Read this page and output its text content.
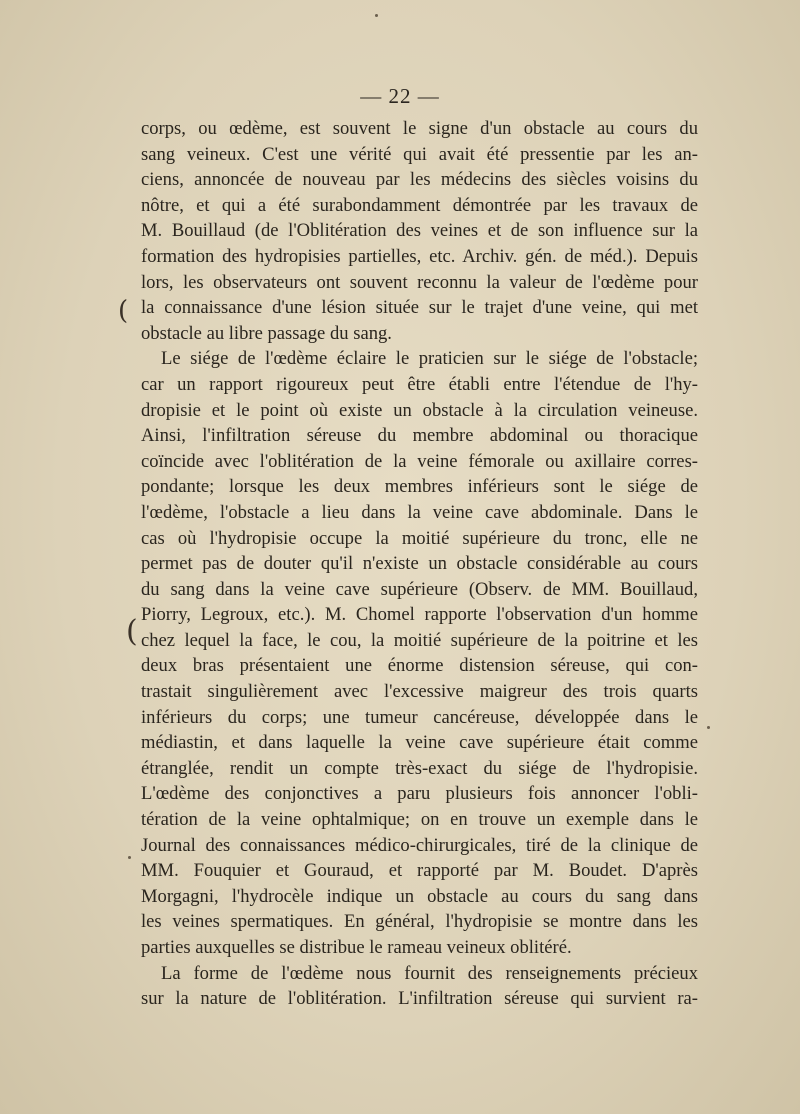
— 22 —

corps, ou œdème, est souvent le signe d'un obstacle au cours du
sang veineux. C'est une vérité qui avait été pressentie par les an-
ciens, annoncée de nouveau par les médecins des siècles voisins du
nôtre, et qui a été surabondamment démontrée par les travaux de
M. Bouillaud (de l'Oblitération des veines et de son influence sur la
formation des hydropisies partielles, etc. Archiv. gén. de méd.). Depuis
lors, les observateurs ont souvent reconnu la valeur de l'œdème pour
la connaissance d'une lésion située sur le trajet d'une veine, qui met
obstacle au libre passage du sang.

Le siége de l'œdème éclaire le praticien sur le siége de l'obstacle;
car un rapport rigoureux peut être établi entre l'étendue de l'hy-
dropisie et le point où existe un obstacle à la circulation veineuse.
Ainsi, l'infiltration séreuse du membre abdominal ou thoracique
coïncide avec l'oblitération de la veine fémorale ou axillaire corres-
pondante; lorsque les deux membres inférieurs sont le siége de
l'œdème, l'obstacle a lieu dans la veine cave abdominale. Dans le
cas où l'hydropisie occupe la moitié supérieure du tronc, elle ne
permet pas de douter qu'il n'existe un obstacle considérable au cours
du sang dans la veine cave supérieure (Observ. de MM. Bouillaud,
Piorry, Legroux, etc.). M. Chomel rapporte l'observation d'un homme
chez lequel la face, le cou, la moitié supérieure de la poitrine et les
deux bras présentaient une énorme distension séreuse, qui con-
trastait singulièrement avec l'excessive maigreur des trois quarts
inférieurs du corps; une tumeur cancéreuse, développée dans le
médiastin, et dans laquelle la veine cave supérieure était comme
étranglée, rendit un compte très-exact du siége de l'hydropisie.
L'œdème des conjonctives a paru plusieurs fois annoncer l'obli-
tération de la veine ophtalmique; on en trouve un exemple dans le
Journal des connaissances médico-chirurgicales, tiré de la clinique de
MM. Fouquier et Gouraud, et rapporté par M. Boudet. D'après
Morgagni, l'hydrocèle indique un obstacle au cours du sang dans
les veines spermatiques. En général, l'hydropisie se montre dans les
parties auxquelles se distribue le rameau veineux oblitéré.

La forme de l'œdème nous fournit des renseignements précieux
sur la nature de l'oblitération. L'infiltration séreuse qui survient ra-

(
(
